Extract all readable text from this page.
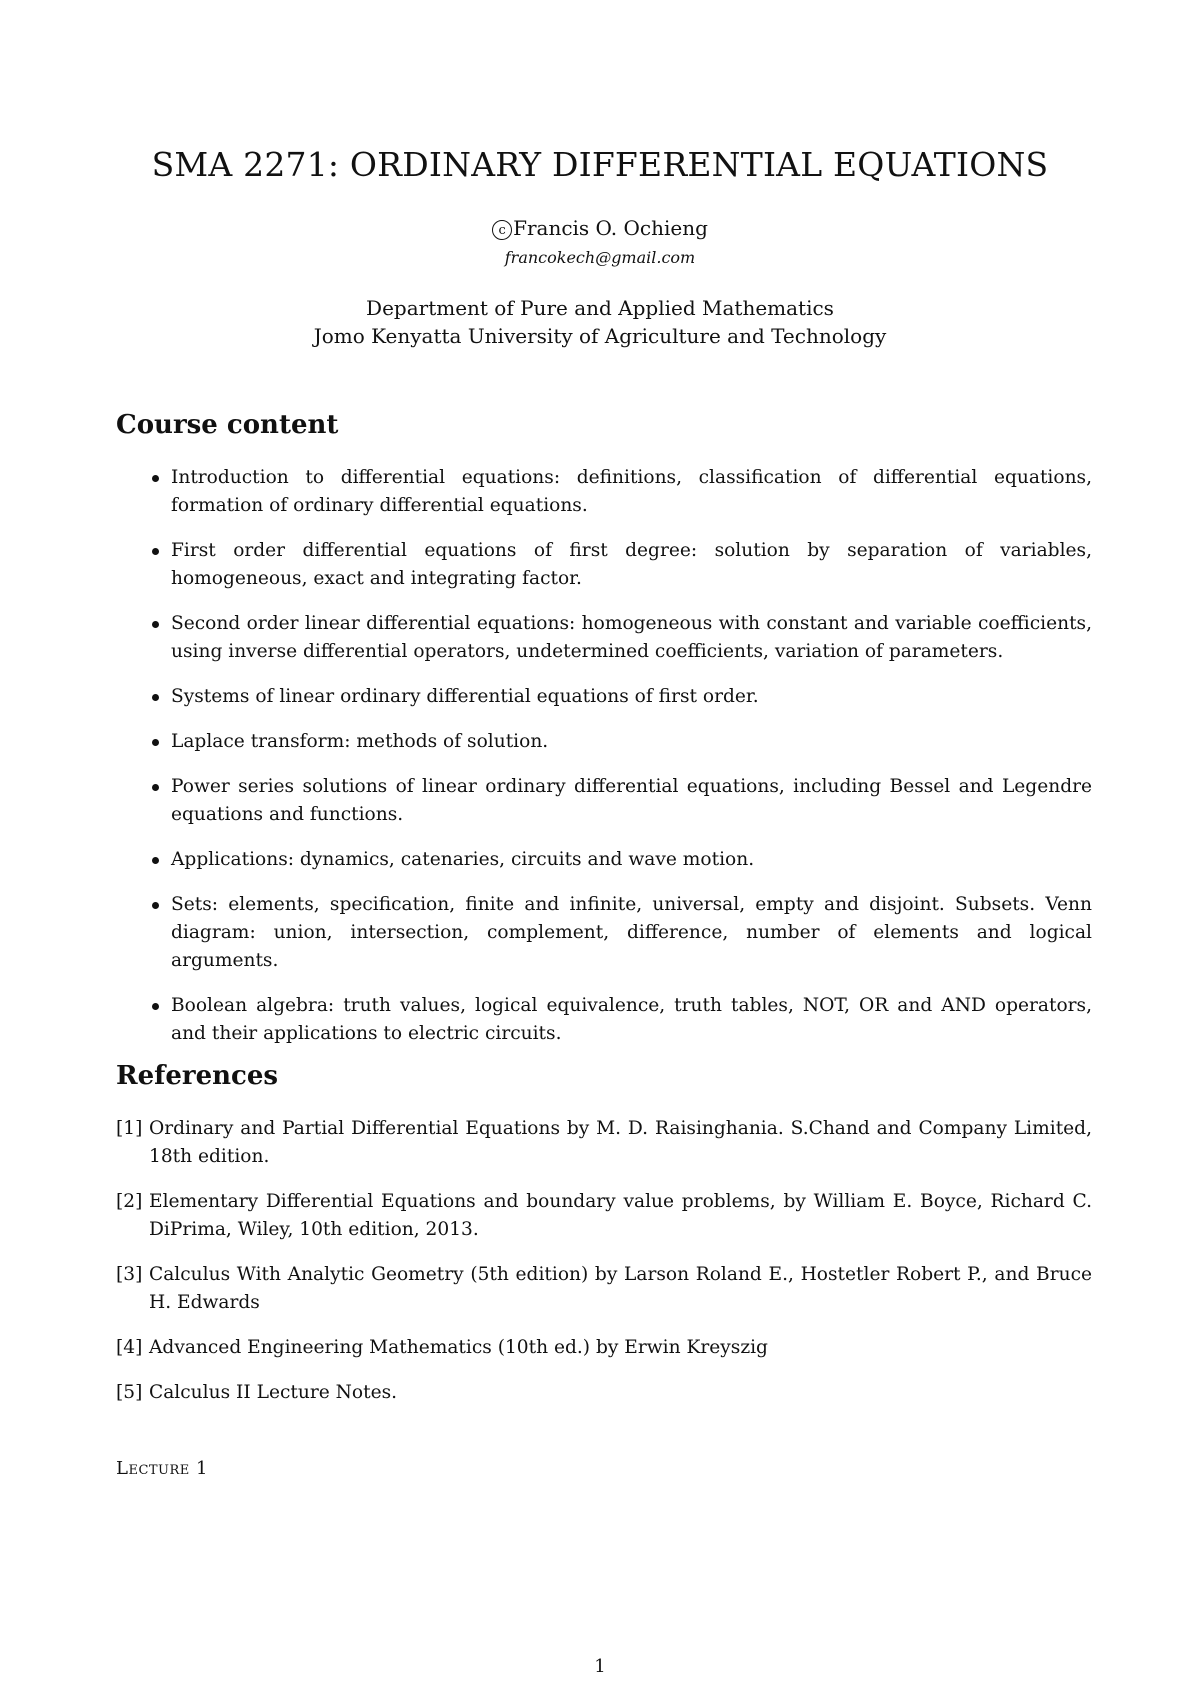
SMA 2271: ORDINARY DIFFERENTIAL EQUATIONS
c Francis O. Ochieng
francokech@gmail.com
Department of Pure and Applied Mathematics
Jomo Kenyatta University of Agriculture and Technology
Course content
Introduction to differential equations: definitions, classification of differential equations, formation of ordinary differential equations.
First order differential equations of first degree: solution by separation of variables, homogeneous, exact and integrating factor.
Second order linear differential equations: homogeneous with constant and variable coefficients, using inverse differential operators, undetermined coefficients, variation of parameters.
Systems of linear ordinary differential equations of first order.
Laplace transform: methods of solution.
Power series solutions of linear ordinary differential equations, including Bessel and Legendre equations and functions.
Applications: dynamics, catenaries, circuits and wave motion.
Sets: elements, specification, finite and infinite, universal, empty and disjoint. Subsets. Venn diagram: union, intersection, complement, difference, number of elements and logical arguments.
Boolean algebra: truth values, logical equivalence, truth tables, NOT, OR and AND operators, and their applications to electric circuits.
References
[1] Ordinary and Partial Differential Equations by M. D. Raisinghania. S.Chand and Company Limited, 18th edition.
[2] Elementary Differential Equations and boundary value problems, by William E. Boyce, Richard C. DiPrima, Wiley, 10th edition, 2013.
[3] Calculus With Analytic Geometry (5th edition) by Larson Roland E., Hostetler Robert P., and Bruce H. Edwards
[4] Advanced Engineering Mathematics (10th ed.) by Erwin Kreyszig
[5] Calculus II Lecture Notes.
Lecture 1
1
